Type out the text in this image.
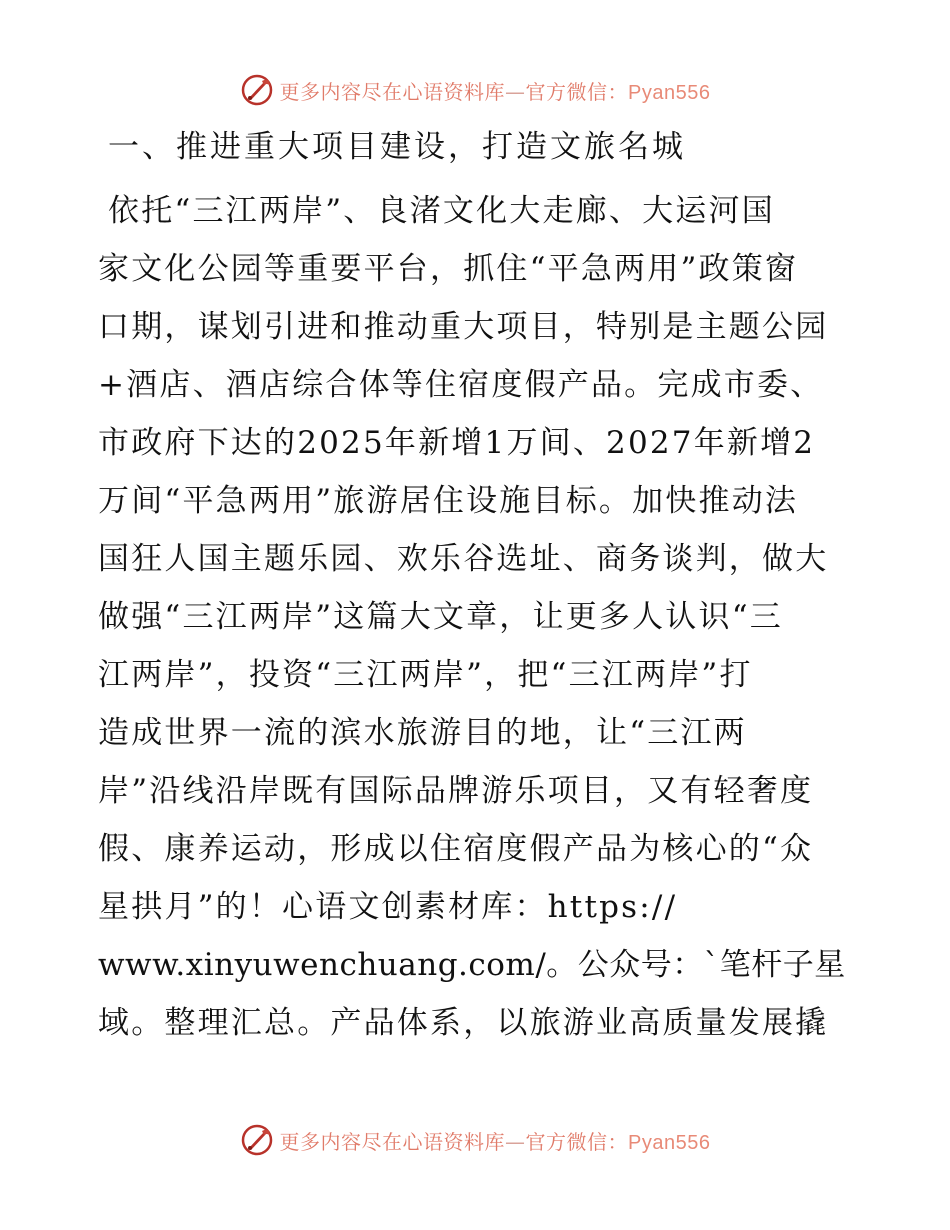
更多内容尽在心语资料库—官方微信：Pyan556
一、推进重大项目建设，打造文旅名城
依托“三江两岸”、良渚文化大走廊、大运河国
家文化公园等重要平台，抓住“平急两用”政策窗
口期，谋划引进和推动重大项目，特别是主题公园
+酒店、酒店综合体等住宿度假产品。完成市委、
市政府下达的2025年新增1万间、2027年新增2
万间“平急两用”旅游居住设施目标。加快推动法
国狂人国主题乐园、欢乐谷选址、商务谈判，做大
做强“三江两岸”这篇大文章，让更多人认识“三
江两岸”，投资“三江两岸”，把“三江两岸”打
造成世界一流的滨水旅游目的地，让“三江两
岸”沿线沿岸既有国际品牌游乐项目，又有轻奢度
假、康养运动，形成以住宿度假产品为核心的“众
星拱月”的！心语文创素材库：https://
www.xinyuwenchuang.com/。公众号：`笔杆子星
域。整理汇总。产品体系，以旅游业高质量发展撬
更多内容尽在心语资料库—官方微信：Pyan556
